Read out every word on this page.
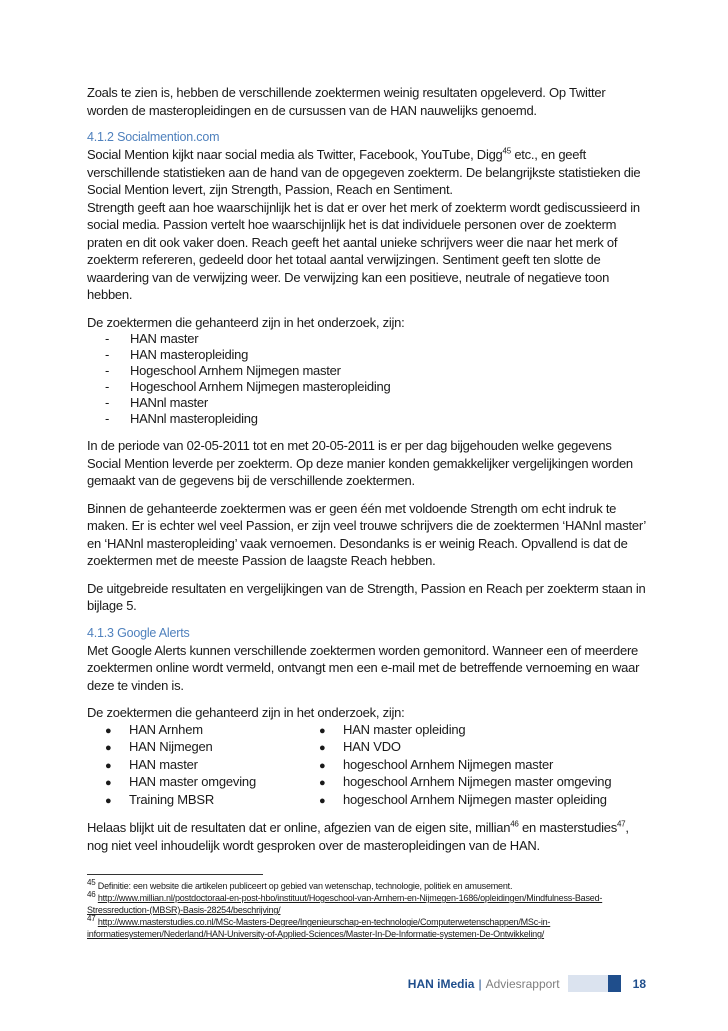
Zoals te zien is, hebben de verschillende zoektermen weinig resultaten opgeleverd. Op Twitter worden de masteropleidingen en de cursussen van de HAN nauwelijks genoemd.

4.1.2 Socialmention.com

Social Mention kijkt naar social media als Twitter, Facebook, YouTube, Digg$^{45}$ etc., en geeft verschillende statistieken aan de hand van de opgegeven zoekterm. De belangrijkste statistieken die Social Mention levert, zijn Strength, Passion, Reach en Sentiment.

Strength geeft aan hoe waarschijnlijk het is dat er over het merk of zoekterm wordt gediscussieerd in social media. Passion vertelt hoe waarschijnlijk het is dat individuele personen over de zoekterm praten en dit ook vaker doen. Reach geeft het aantal unieke schrijvers weer die naar het merk of zoekterm refereren, gedeeld door het totaal aantal verwijzingen. Sentiment geeft ten slotte de waardering van de verwijzing weer. De verwijzing kan een positieve, neutrale of negatieve toon hebben.

De zoektermen die gehanteerd zijn in het onderzoek, zijn:

- HAN master
- HAN masteropleiding
- Hogeschool Arnhem Nijmegen master
- Hogeschool Arnhem Nijmegen masteropleiding
- HANnl master
- HANnl masteropleiding

In de periode van 02-05-2011 tot en met 20-05-2011 is er per dag bijgehouden welke gegevens Social Mention leverde per zoekterm. Op deze manier konden gemakkelijker vergelijkingen worden gemaakt van de gegevens bij de verschillende zoektermen.

Binnen de gehanteerde zoektermen was er geen één met voldoende Strength om echt indruk te maken. Er is echter wel veel Passion, er zijn veel trouwe schrijvers die de zoektermen ‘HANnl master’ en ‘HANnl masteropleiding’ vaak vernoemen. Desondanks is er weinig Reach. Opvallend is dat de zoektermen met de meeste Passion de laagste Reach hebben.

De uitgebreide resultaten en vergelijkingen van de Strength, Passion en Reach per zoekterm staan in bijlage 5.

4.1.3 Google Alerts

Met Google Alerts kunnen verschillende zoektermen worden gemonitord. Wanneer een of meerdere zoektermen online wordt vermeld, ontvangt men een e-mail met de betreffende vernoeming en waar deze te vinden is.

De zoektermen die gehanteerd zijn in het onderzoek, zijn:

● HAN Arnhem
● HAN Nijmegen
● HAN master
● HAN master omgeving
● Training MBSR
● HAN master opleiding
● HAN VDO
● hogeschool Arnhem Nijmegen master
● hogeschool Arnhem Nijmegen master omgeving
● hogeschool Arnhem Nijmegen master opleiding

Helaas blijkt uit de resultaten dat er online, afgezien van de eigen site, millian$^{46}$ en masterstudies$^{47}$, nog niet veel inhoudelijk wordt gesproken over de masteropleidingen van de HAN.

$^{45}$ Definitie: een website die artikelen publiceert op gebied van wetenschap, technologie, politiek en amusement.
$^{46}$ http://www.millian.nl/postdoctoraal-en-post-hbo/instituut/Hogeschool-van-Arnhem-en-Nijmegen-1686/opleidingen/Mindfulness-Based-Stressreduction-(MBSR)-Basis-28254/beschrijving/
$^{47}$ http://www.masterstudies.co.nl/MSc-Masters-Degree/Ingenieurschap-en-technologie/Computerwetenschappen/MSc-in-informatiesystemen/Nederland/HAN-University-of-Applied-Sciences/Master-In-De-Informatie-systemen-De-Ontwikkeling/
HAN iMedia | Adviesrapport	18
